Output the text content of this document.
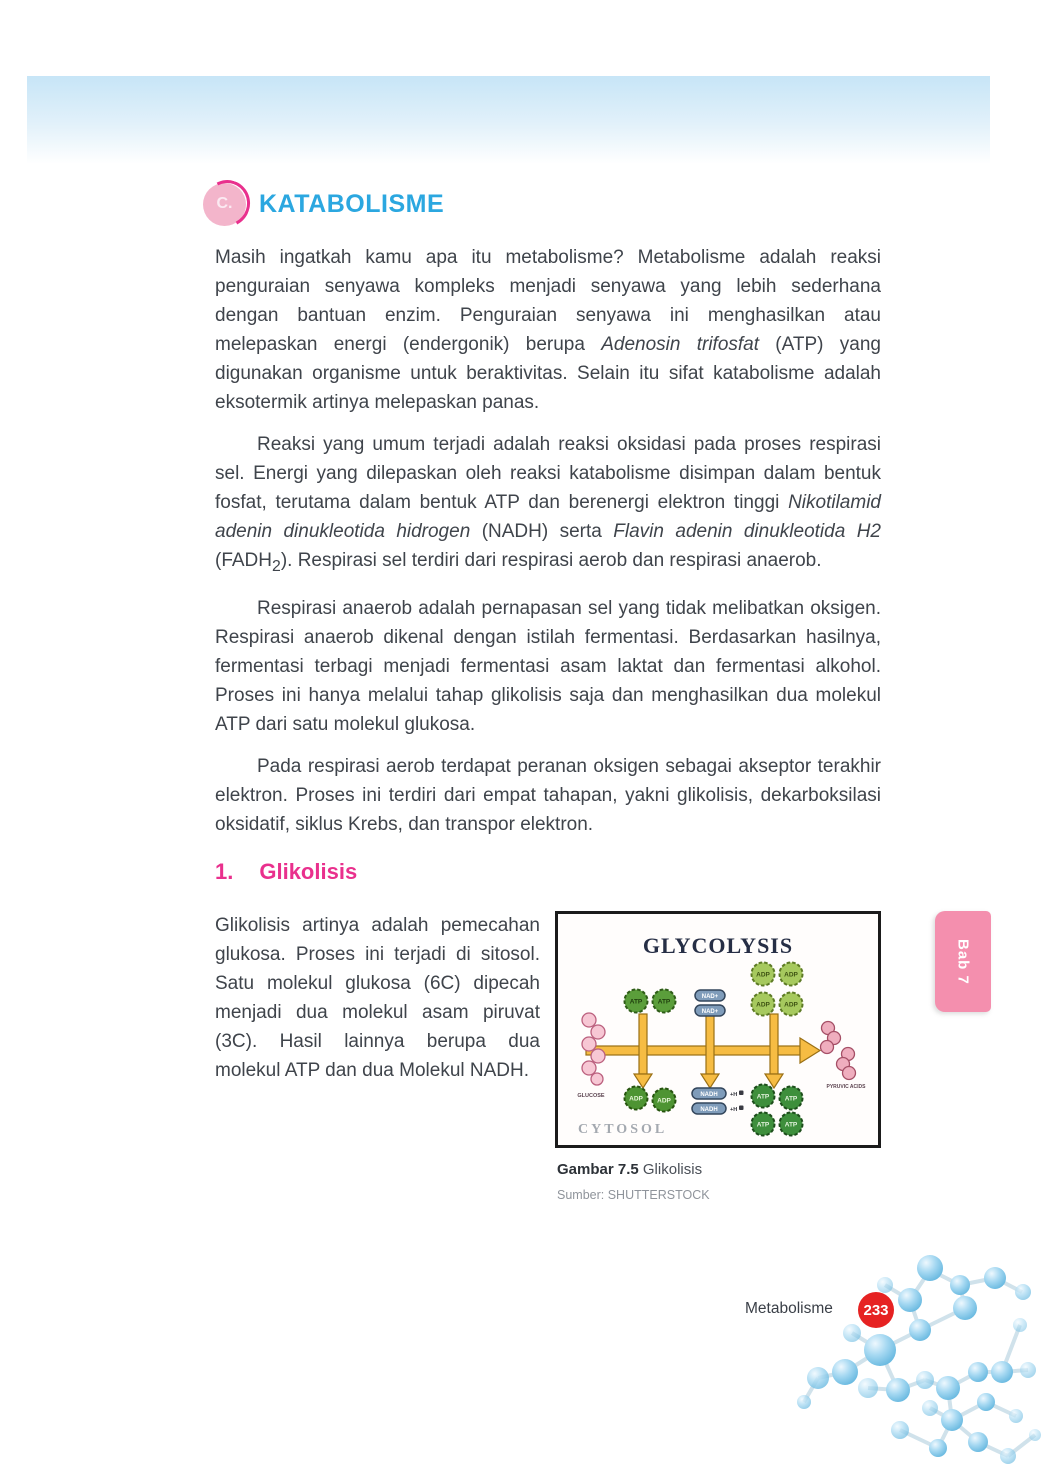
C. KATABOLISME

Masih ingatkah kamu apa itu metabolisme? Metabolisme adalah reaksi penguraian senyawa kompleks menjadi senyawa yang lebih sederhana dengan bantuan enzim. Penguraian senyawa ini menghasilkan atau melepaskan energi (endergonik) berupa Adenosin trifosfat (ATP) yang digunakan organisme untuk beraktivitas. Selain itu sifat katabolisme adalah eksotermik artinya melepaskan panas.

Reaksi yang umum terjadi adalah reaksi oksidasi pada proses respirasi sel. Energi yang dilepaskan oleh reaksi katabolisme disimpan dalam bentuk fosfat, terutama dalam bentuk ATP dan berenergi elektron tinggi Nikotilamid adenin dinukleotida hidrogen (NADH) serta Flavin adenin dinukleotida H2 $(FADH_2)$. Respirasi sel terdiri dari respirasi aerob dan respirasi anaerob.

Respirasi anaerob adalah pernapasan sel yang tidak melibatkan oksigen. Respirasi anaerob dikenal dengan istilah fermentasi. Berdasarkan hasilnya, fermentasi terbagi menjadi fermentasi asam laktat dan fermentasi alkohol. Proses ini hanya melalui tahap glikolisis saja dan menghasilkan dua molekul ATP dari satu molekul glukosa.

Pada respirasi aerob terdapat peranan oksigen sebagai akseptor terakhir elektron. Proses ini terdiri dari empat tahapan, yakni glikolisis, dekarboksilasi oksidatif, siklus Krebs, dan transpor elektron.

1. Glikolisis

Glikolisis artinya adalah pemecahan glukosa. Proses ini terjadi di sitosol. Satu molekul glukosa (6C) dipecah menjadi dua molekul asam piruvat (3C). Hasil lainnya berupa dua molekul ATP dan dua Molekul NADH.

GLYCOLYSIS
GLUCOSE
ATP ATP
ADP ADP
NAD+
NAD+
NADH
NADH
+H
+H
ADP ADP
ADP ADP
ATP ATP
ATP ATP
PYRUVIC ACIDS
CYTOSOL

Gambar 7.5 Glikolisis

Sumber: SHUTTERSTOCK

Bab 7
Metabolisme 233
